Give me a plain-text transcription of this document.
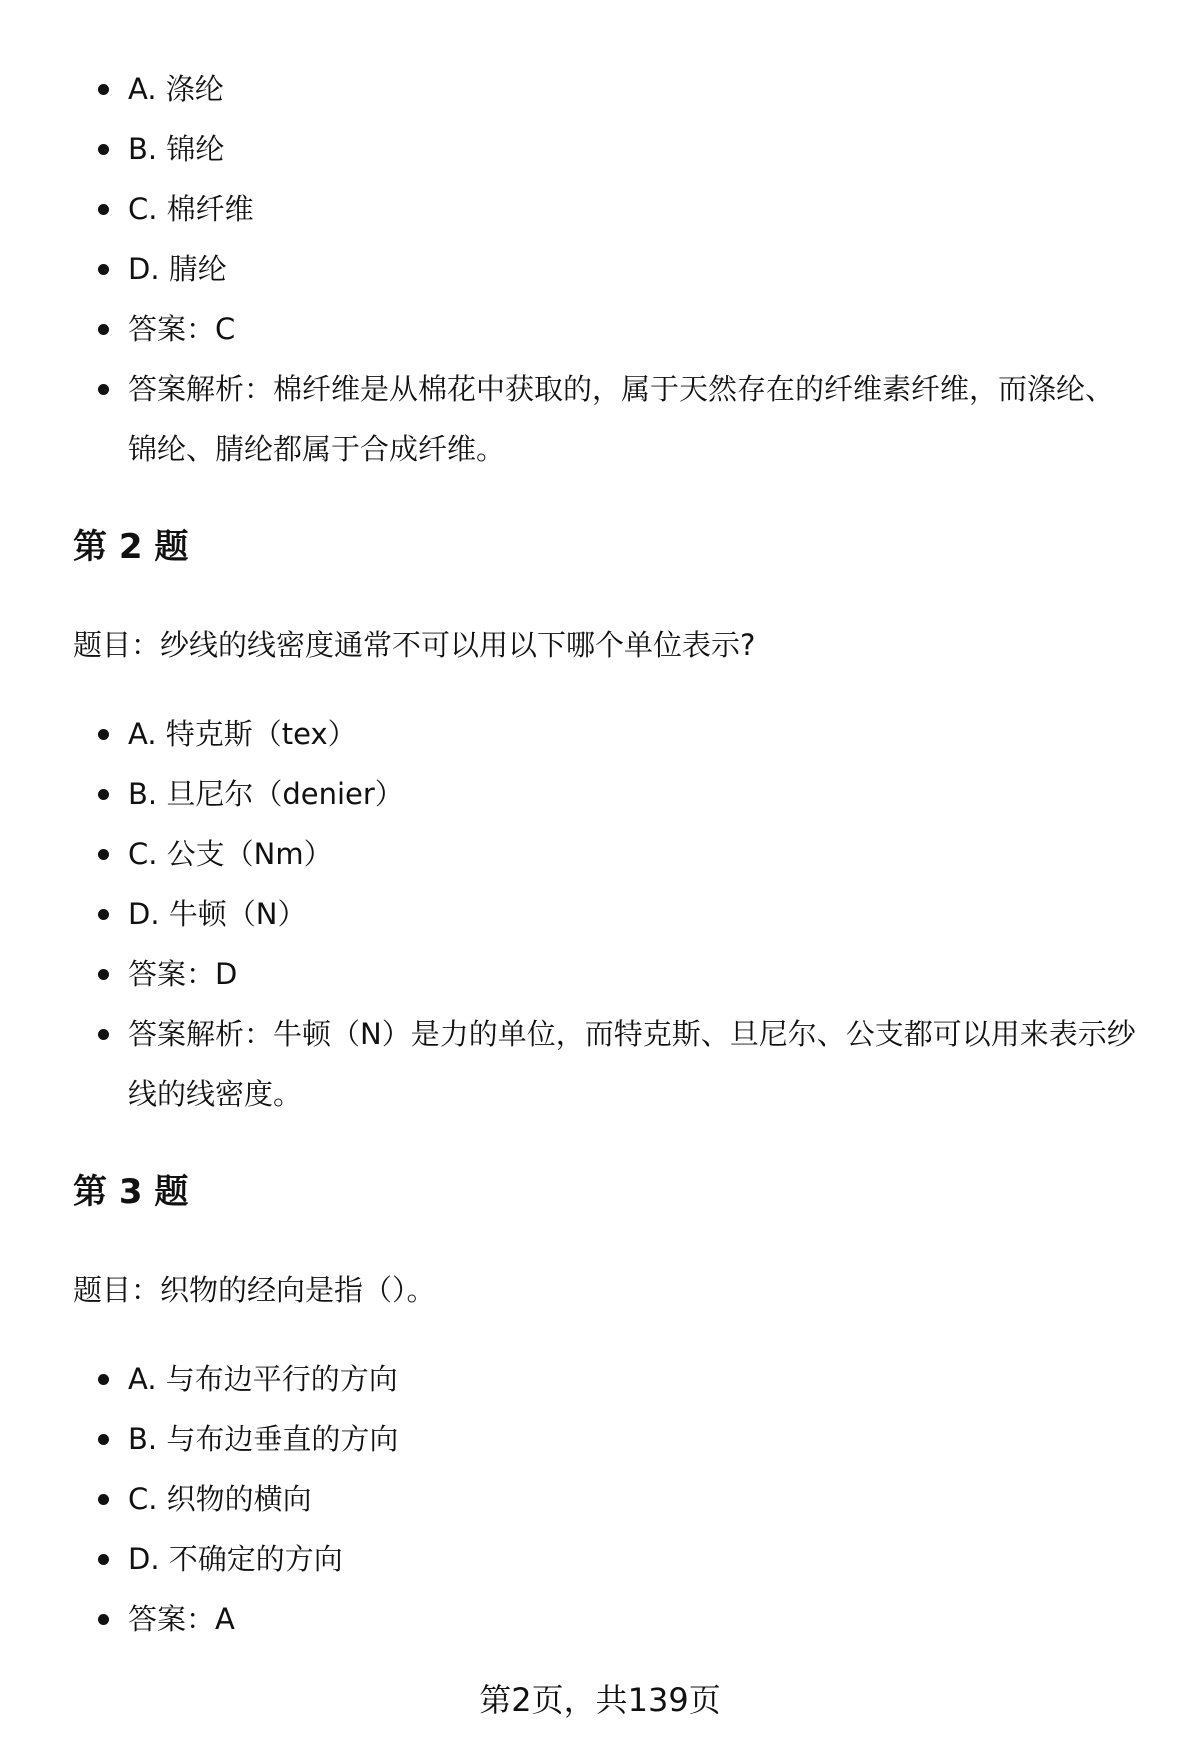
A. 涤纶
B. 锦纶
C. 棉纤维
D. 腈纶
答案：C
答案解析：棉纤维是从棉花中获取的，属于天然存在的纤维素纤维，而涤纶、锦纶、腈纶都属于合成纤维。
第 2 题

题目：纱线的线密度通常不可以用以下哪个单位表示?

A. 特克斯（tex）
B. 旦尼尔（denier）
C. 公支（Nm）
D. 牛顿（N）
答案：D
答案解析：牛顿（N）是力的单位，而特克斯、旦尼尔、公支都可以用来表示纱线的线密度。
第 3 题

题目：织物的经向是指（）。

A. 与布边平行的方向
B. 与布边垂直的方向
C. 织物的横向
D. 不确定的方向
答案：A
第2页，共139页
